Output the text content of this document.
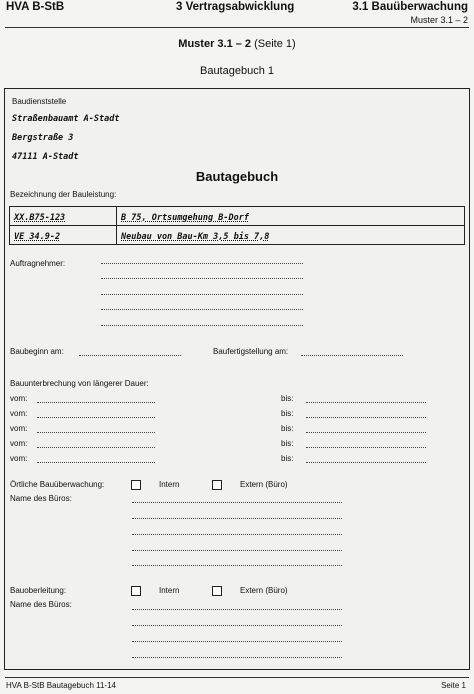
HVA B-StB	3 Vertragsabwicklung	3.1 Bauüberwachung
Muster 3.1 – 2
Muster 3.1 – 2 (Seite 1)
Bautagebuch 1
Baudienststelle
Straßenbauamt A-Stadt
Bergstraße 3
47111 A-Stadt
Bautagebuch
Bezeichnung der Bauleistung:
XX.B75-123	B 75, Ortsumgehung B-Dorf
VE 34.9-2	Neubau von Bau-Km 3,5 bis 7,8
Auftragnehmer:
Baubeginn am:	Baufertigstellung am:
Bauunterbrechung von längerer Dauer:
vom:	bis:
vom:	bis:
vom:	bis:
vom:	bis:
vom:	bis:
Örtliche Bauüberwachung:	Intern	Extern (Büro)
Name des Büros:
Bauoberleitung:	Intern	Extern (Büro)
Name des Büros:
HVA B-StB Bautagebuch 11-14	Seite 1
